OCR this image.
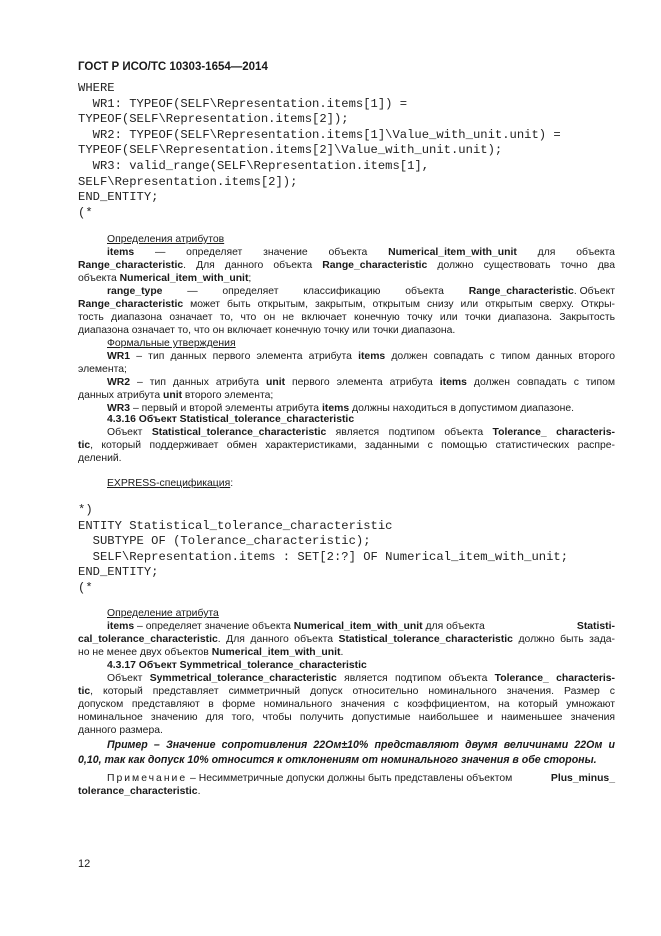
ГОСТ Р ИСО/ТС 10303-1654—2014
WHERE
WR1: TYPEOF(SELF\Representation.items[1]) =
TYPEOF(SELF\Representation.items[2]);
WR2: TYPEOF(SELF\Representation.items[1]\Value_with_unit.unit) =
TYPEOF(SELF\Representation.items[2]\Value_with_unit.unit);
WR3: valid_range(SELF\Representation.items[1],
SELF\Representation.items[2]);
END_ENTITY;
(*
Определения атрибутов
items — определяет значение объекта Numerical_item_with_unit для объекта
Range_characteristic. Для данного объекта Range_characteristic должно существовать точно два
объекта Numerical_item_with_unit;
range_type — определяет классификацию объекта Range_characteristic. Объект
Range_characteristic может быть открытым, закрытым, открытым снизу или открытым сверху. Откры-
тость диапазона означает то, что он не включает конечную точку или точки диапазона. Закрытость
диапазона означает то, что он включает конечную точку или точки диапазона.
Формальные утверждения
WR1 – тип данных первого элемента атрибута items должен совпадать с типом данных второго
элемента;
WR2 – тип данных атрибута unit первого элемента атрибута items должен совпадать с типом
данных атрибута unit второго элемента;
WR3 – первый и второй элементы атрибута items должны находиться в допустимом диапазоне.
4.3.16 Объект Statistical_tolerance_characteristic
Объект Statistical_tolerance_characteristic является подтипом объекта Tolerance_ characteris-
tic, который поддерживает обмен характеристиками, заданными с помощью статистических распре-
делений.
EXPRESS-спецификация:
*)
ENTITY Statistical_tolerance_characteristic
SUBTYPE OF (Tolerance_characteristic);
SELF\Representation.items : SET[2:?] OF Numerical_item_with_unit;
END_ENTITY;
(*
Определение атрибута
items – определяет значение объекта Numerical_item_with_unit для объекта	Statisti-
cal_tolerance_characteristic. Для данного объекта Statistical_tolerance_characteristic должно быть зада-
но не менее двух объектов Numerical_item_with_unit.
4.3.17 Объект Symmetrical_tolerance_characteristic
Объект Symmetrical_tolerance_characteristic является подтипом объекта Tolerance_ characteris-
tic, который представляет симметричный допуск относительно номинального значения. Размер с
допуском представляют в форме номинального значения с коэффициентом, на который умножают
номинальное значению для того, чтобы получить допустимые наибольшее и наименьшее значения
данного размера.
Пример – Значение сопротивления 22Ом±10% представляют двумя величинами 22Ом и
0,10, так как допуск 10% относится к отклонениям от номинального значения в обе стороны.
Примечание – Несимметричные допуски должны быть представлены объектом	Plus_minus_
tolerance_characteristic.
12
